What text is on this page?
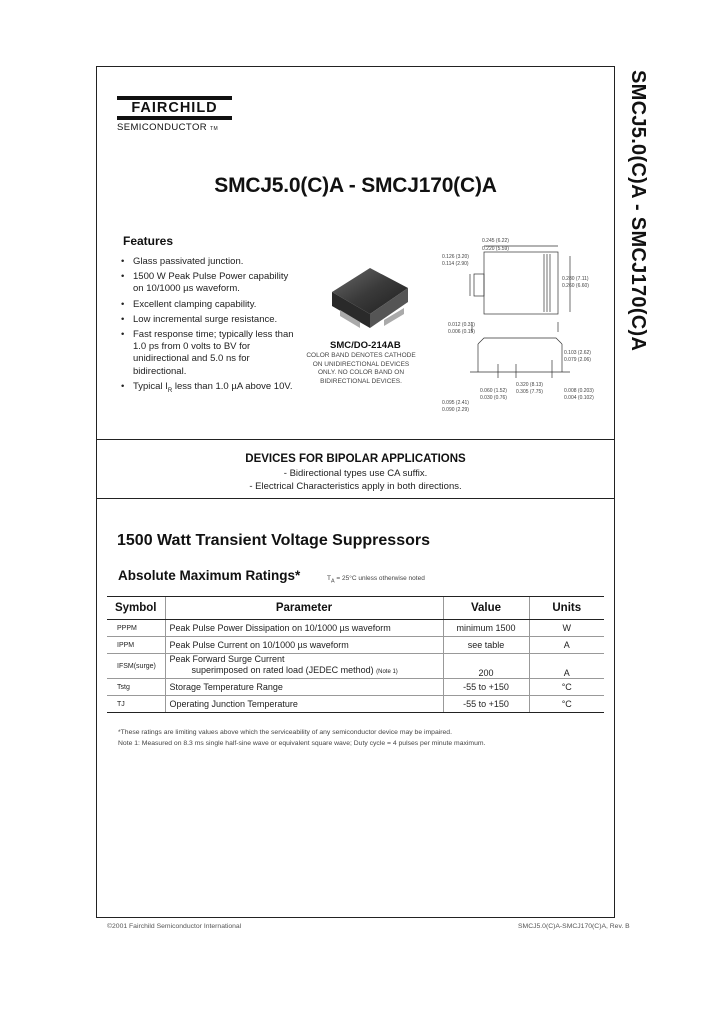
FAIRCHILD
SEMICONDUCTOR TM	SMCJ5.0(C)A - SMCJ170(C)A
SMCJ5.0(C)A - SMCJ170(C)A
Features
• Glass passivated junction.
• 1500 W Peak Pulse Power capability on 10/1000 µs waveform.
• Excellent clamping capability.
• Low incremental surge resistance.
• Fast response time; typically less than 1.0 ps from 0 volts to BV for unidirectional and 5.0 ns for bidirectional.
• Typical $I_R$ less than 1.0 µA above 10V.
SMC/DO-214AB
COLOR BAND DENOTES CATHODE ON UNIDIRECTIONAL DEVICES ONLY. NO COLOR BAND ON BIDIRECTIONAL DEVICES.
0.245 (6.22)
0.220 (5.59)
0.126 (3.20)
0.114 (2.90)
0.280 (7.11)
0.260 (6.60)
0.012 (0.31)
0.006 (0.15)
0.103 (2.62)
0.079 (2.06)
0.060 (1.52)
0.030 (0.76)
0.320 (8.13)
0.305 (7.75)	0.008 (0.203)
0.004 (0.102)
0.095 (2.41)
0.090 (2.29)
DEVICES FOR BIPOLAR APPLICATIONS
- Bidirectional types use CA suffix.
- Electrical Characteristics apply in both directions.
1500 Watt Transient Voltage Suppressors
Absolute Maximum Ratings*	$T_A = 25^\circ C$ unless otherwise noted
Symbol	Parameter	Value	Units
PPPM	Peak Pulse Power Dissipation on 10/1000 µs waveform	minimum 1500	W
IPPM	Peak Pulse Current on 10/1000 µs waveform	see table	A
IFSM(surge)	Peak Forward Surge Current
superimposed on rated load (JEDEC method) (Note 1)	200	A
Tstg	Storage Temperature Range	-55 to +150	°C
TJ	Operating Junction Temperature	-55 to +150	°C
*These ratings are limiting values above which the serviceability of any semiconductor device may be impaired.
Note 1: Measured on 8.3 ms single half-sine wave or equivalent square wave; Duty cycle = 4 pulses per minute maximum.
©2001 Fairchild Semiconductor International	SMCJ5.0(C)A-SMCJ170(C)A, Rev. B
